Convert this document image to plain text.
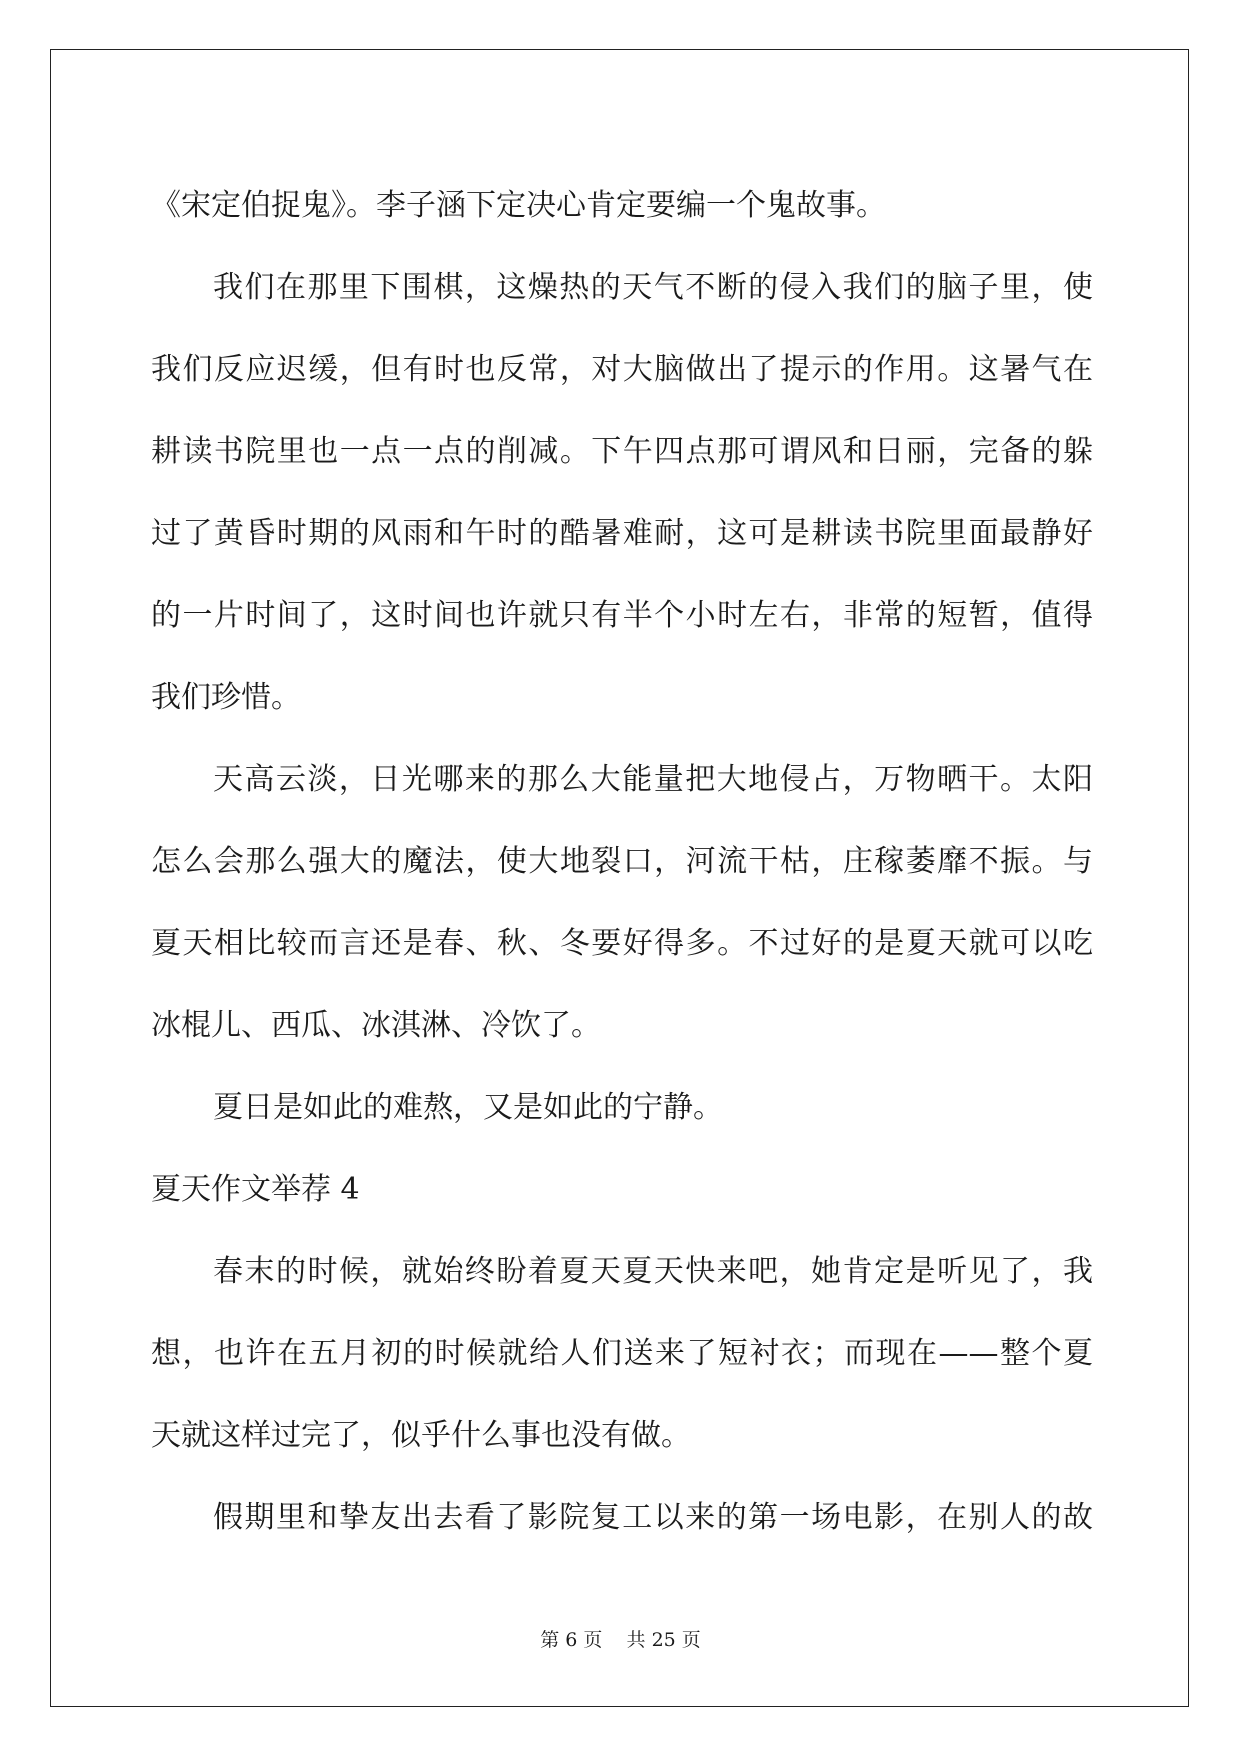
《宋定伯捉鬼》。李子涵下定决心肯定要编一个鬼故事。
我们在那里下围棋，这燥热的天气不断的侵入我们的脑子里，使
我们反应迟缓，但有时也反常，对大脑做出了提示的作用。这暑气在
耕读书院里也一点一点的削减。下午四点那可谓风和日丽，完备的躲
过了黄昏时期的风雨和午时的酷暑难耐，这可是耕读书院里面最静好
的一片时间了，这时间也许就只有半个小时左右，非常的短暂，值得
我们珍惜。
天高云淡，日光哪来的那么大能量把大地侵占，万物晒干。太阳
怎么会那么强大的魔法，使大地裂口，河流干枯，庄稼萎靡不振。与
夏天相比较而言还是春、秋、冬要好得多。不过好的是夏天就可以吃
冰棍儿、西瓜、冰淇淋、冷饮了。
夏日是如此的难熬，又是如此的宁静。
夏天作文举荐 4
春末的时候，就始终盼着夏天夏天快来吧，她肯定是听见了，我
想，也许在五月初的时候就给人们送来了短衬衣；而现在——整个夏
天就这样过完了，似乎什么事也没有做。
假期里和挚友出去看了影院复工以来的第一场电影，在别人的故
第 6 页 共 25 页
